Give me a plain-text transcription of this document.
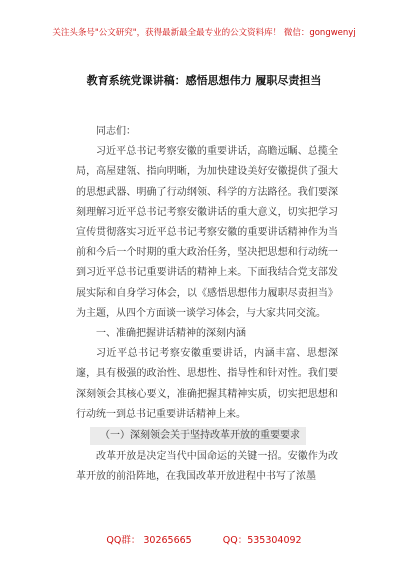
关注头条号"公文研究"，获得最新最全最专业的公文资料库！ 微信：gongwenyj
教育系统党课讲稿：感悟思想伟力 履职尽责担当

同志们：

习近平总书记考察安徽的重要讲话，高瞻远瞩、总揽全局，高屋建瓴、指向明晰，为加快建设美好安徽提供了强大的思想武器、明确了行动纲领、科学的方法路径。我们要深刻理解习近平总书记考察安徽讲话的重大意义，切实把学习宣传贯彻落实习近平总书记考察安徽的重要讲话精神作为当前和今后一个时期的重大政治任务，坚决把思想和行动统一到习近平总书记重要讲话的精神上来。下面我结合党支部发展实际和自身学习体会，以《感悟思想伟力履职尽责担当》为主题，从四个方面谈一谈学习体会，与大家共同交流。

一、准确把握讲话精神的深刻内涵

习近平总书记考察安徽重要讲话，内涵丰富、思想深邃，具有极强的政治性、思想性、指导性和针对性。我们要深刻领会其核心要义，准确把握其精神实质，切实把思想和行动统一到总书记重要讲话精神上来。

（一）深刻领会关于坚持改革开放的重要要求

改革开放是决定当代中国命运的关键一招。安徽作为改革开放的前沿阵地，在我国改革开放进程中书写了浓墨

QQ群： 30265665	QQ：535304092
